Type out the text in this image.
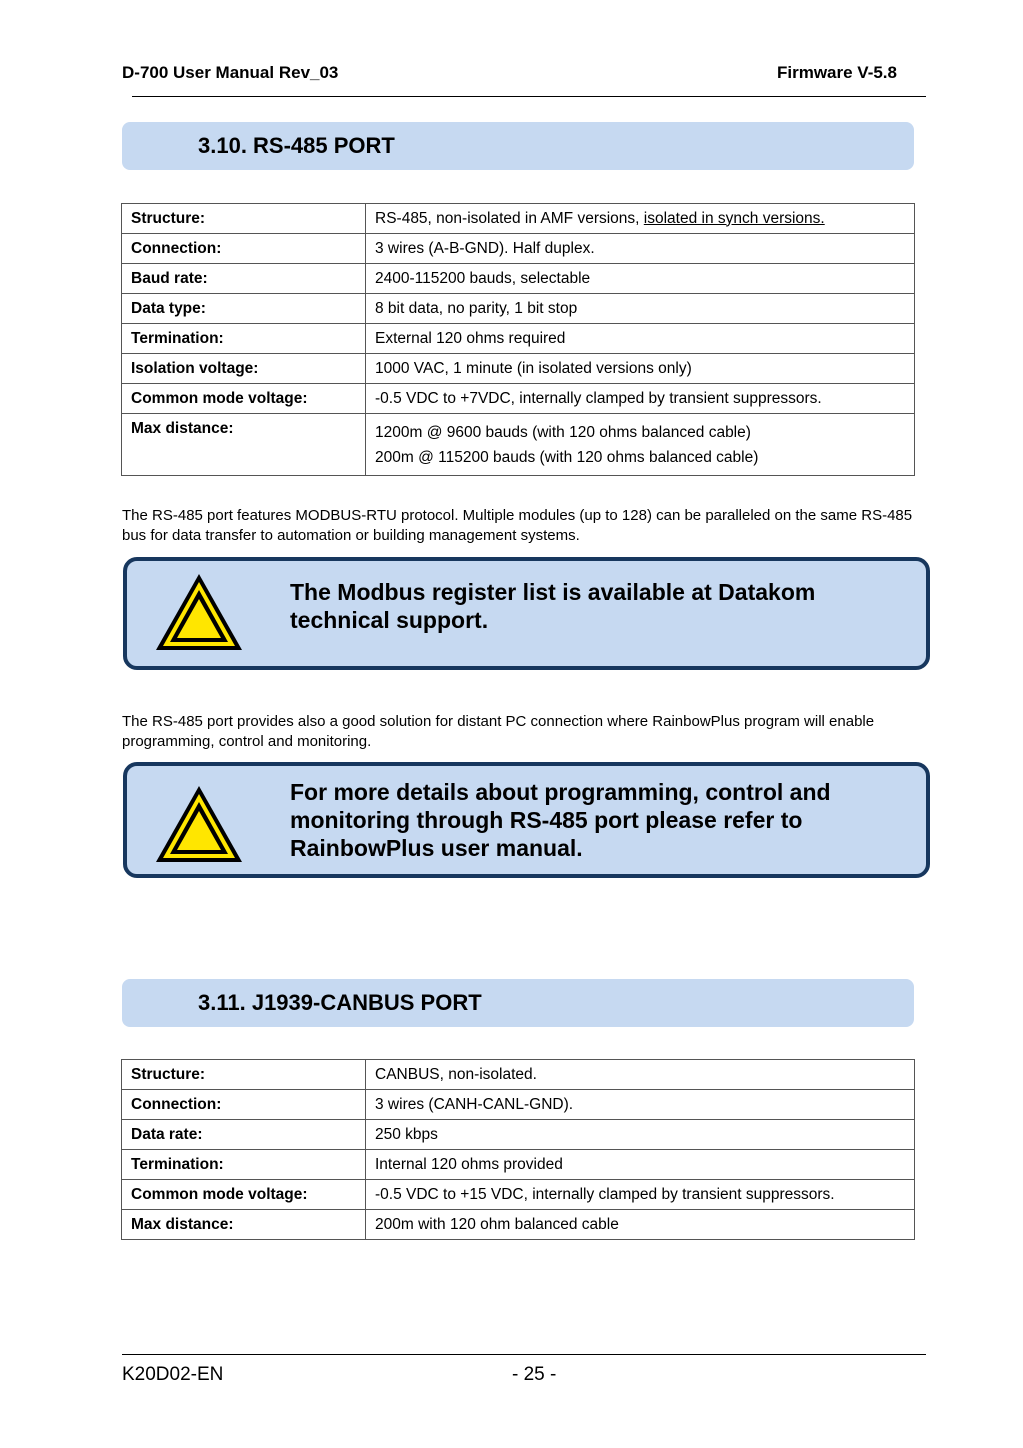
D-700 User Manual Rev_03	Firmware V-5.8
3.10. RS-485 PORT
Structure:	RS-485, non-isolated in AMF versions, isolated in synch versions.
Connection:	3 wires (A-B-GND). Half duplex.
Baud rate:	2400-115200 bauds, selectable
Data type:	8 bit data, no parity, 1 bit stop
Termination:	External 120 ohms required
Isolation voltage:	1000 VAC, 1 minute (in isolated versions only)
Common mode voltage:	-0.5 VDC to +7VDC, internally clamped by transient suppressors.
Max distance:	1200m @ 9600 bauds (with 120 ohms balanced cable)
200m @ 115200 bauds (with 120 ohms balanced cable)
The RS-485 port features MODBUS-RTU protocol. Multiple modules (up to 128) can be paralleled on the same RS-485 bus for data transfer to automation or building management systems.
The Modbus register list is available at Datakom
technical support.
The RS-485 port provides also a good solution for distant PC connection where RainbowPlus program will enable programming, control and monitoring.
For more details about programming, control and
monitoring through RS-485 port please refer to
RainbowPlus user manual.
3.11. J1939-CANBUS PORT
Structure:	CANBUS, non-isolated.
Connection:	3 wires (CANH-CANL-GND).
Data rate:	250 kbps
Termination:	Internal 120 ohms provided
Common mode voltage:	-0.5 VDC to +15 VDC, internally clamped by transient suppressors.
Max distance:	200m with 120 ohm balanced cable
K20D02-EN	- 25 -
